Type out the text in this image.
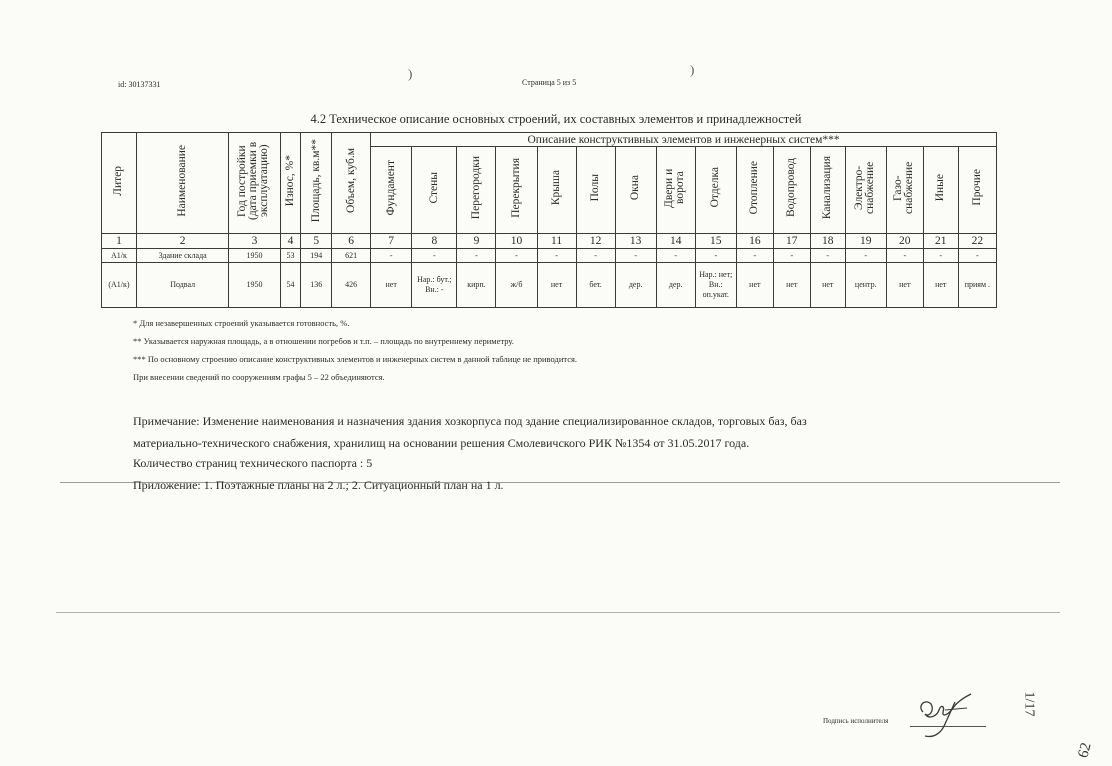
id: 30137331
)
Страница 5 из 5
)
4.2 Техническое описание основных строений, их составных элементов и принадлежностей
Литер	Наименование	Год постройки (дата приемки в эксплуатацию)	Износ, %*	Площадь, кв.м**	Объем, куб.м	Описание конструктивных элементов и инженерных систем***															
						Фундамент	Стены	Перегородки	Перекрытия	Крыша	Полы	Окна	Двери и ворота	Отделка	Отопление	Водопровод	Канализация	Электро-снабжение	Газо-снабжение	Иные	Прочие
1	2	3	4	5	6	7	8	9	10	11	12	13	14	15	16	17	18	19	20	21	22
А1/к	Здание склада	1950	53	194	621	-	-	-	-	-	-	-	-	-	-	-	-	-	-	-	-
(А1/к)	Подвал	1950	54	136	426	нет	Нар.: бут.; Вн.: -	кирп.	ж/б	нет	бет.	дер.	дер.	Нар.: нет; Вн.: оп.укат.	нет	нет	нет	центр.	нет	нет	приям .
* Для незавершенных строений указывается готовность, %.
** Указывается наружная площадь, а в отношении погребов и т.п. – площадь по внутреннему периметру.
*** По основному строению описание конструктивных элементов и инженерных систем в данной таблице не приводится.
При внесении сведений по сооружениям графы 5 – 22 объединяются.
Примечание: Изменение наименования и назначения здания хозкорпуса под здание специализированное складов, торговых баз, баз
материально-технического снабжения, хранилищ на основании решения Смолевичского РИК №1354 от 31.05.2017 года.
Количество страниц технического паспорта : 5
Приложение: 1. Поэтажные планы на 2 л.; 2. Ситуационный план на 1 л.
Подпись исполнителя
1/17
62
